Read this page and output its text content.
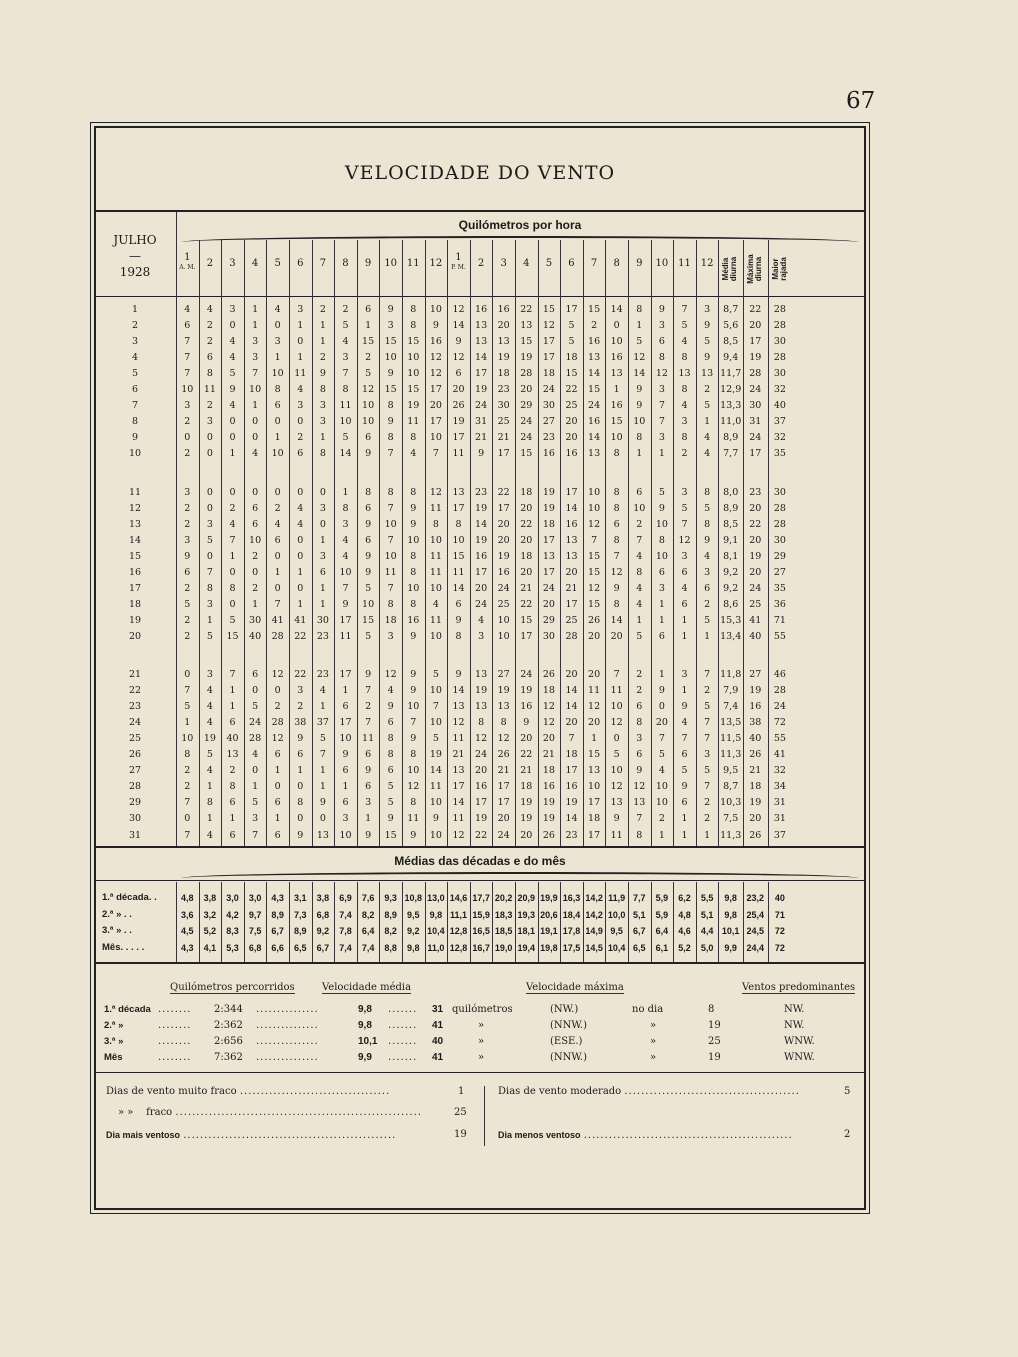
67
VELOCIDADE DO VENTO
JULHO
—
1928
Quilómetros por hora
1
A. M.	2	3	4	5	6	7	8	9	10 11 12
1
P. M.	2	3	4	5	6	7	8	9	10 11 12 Média diurna Máxima diurna Maior rajada
1	4	4	3	1	4	3	2	2	6	9	8	10	12	16	16	22	15	17	15	14	8	9	7	3	8,7	22	28
2	6	2	0	1	0	1	1	5	1	3	8	9	14	13	20	13	12	5	2	0	1	3	5	9	5,6	20	28
3	7	2	4	3	3	0	1	4	15	15	15	16	9	13	13	15	17	5	16	10	5	6	4	5	8,5	17	30
4	7	6	4	3	1	1	2	3	2	10	10	12	12	14	19	19	17	18	13	16	12	8	8	9	9,4	19	28
5	7	8	5	7	10	11	9	7	5	9	10	12	6	17	18	28	18	15	14	13	14	12	13	13 11,7 28	30
6	10	11	9	10	8	4	8	8	12	15	15	17	20	19	23	20	24	22	15	1	9	3	8	2	12,9 24	32
7	3	2	4	1	6	3	3	11	10	8	19	20	26	24	30	29	30	25	24	16	9	7	4	5	13,3 30	40
8	2	3	0	0	0	0	3	10	10	9	11	17	19	31	25	24	27	20	16	15	10	7	3	1	11,0 31	37
9	0	0	0	0	1	2	1	5	6	8	8	10	17	21	21	24	23	20	14	10	8	3	8	4	8,9	24	32
10	2	0	1	4	10	6	8	14	9	7	4	7	11	9	17	15	16	16	13	8	1	1	2	4	7,7	17	35
11	3	0	0	0	0	0	0	1	8	8	8	12	13	23	22	18	19	17	10	8	6	5	3	8	8,0	23	30
12	2	0	2	6	2	4	3	8	6	7	9	11	17	19	17	20	19	14	10	8	10	9	5	5	8,9	20	28
13	2	3	4	6	4	4	0	3	9	10	9	8	8	14	20	22	18	16	12	6	2	10	7	8	8,5	22	28
14	3	5	7	10	6	0	1	4	6	7	10	10	10	19	20	20	17	13	7	8	7	8	12	9	9,1	20	30
15	9	0	1	2	0	0	3	4	9	10	8	11	15	16	19	18	13	13	15	7	4	10	3	4	8,1	19	29
16	6	7	0	0	1	1	6	10	9	11	8	11	11	17	16	20	17	20	15	12	8	6	6	3	9,2	20	27
17	2	8	8	2	0	0	1	7	5	7	10	10	14	20	24	21	24	21	12	9	4	3	4	6	9,2	24	35
18	5	3	0	1	7	1	1	9	10	8	8	4	6	24	25	22	20	17	15	8	4	1	6	2	8,6	25	36
19	2	1	5	30	41	41	30	17	15	18	16	11	9	4	10	15	29	25	26	14	1	1	1	5	15,3 41	71
20	2	5	15	40	28	22	23	11	5	3	9	10	8	3	10	17	30	28	20	20	5	6	1	1	13,4 40	55
21	0	3	7	6	12	22	23	17	9	12	9	5	9	13	27	24	26	20	20	7	2	1	3	7	11,8 27	46
22	7	4	1	0	0	3	4	1	7	4	9	10	14	19	19	19	18	14	11	11	2	9	1	2	7,9	19	28
23	5	4	1	5	2	2	1	6	2	9	10	7	13	13	13	16	12	14	12	10	6	0	9	5	7,4	16	24
24	1	4	6	24	28	38	37	17	7	6	7	10	12	8	8	9	12	20	20	12	8	20	4	7	13,5 38	72
25	10	19	40	28	12	9	5	10	11	8	9	5	11	12	12	20	20	7	1	0	3	7	7	7	11,5 40	55
26	8	5	13	4	6	6	7	9	6	8	8	19	21	24	26	22	21	18	15	5	6	5	6	3	11,3 26	41
27	2	4	2	0	1	1	1	6	9	6	10	14	13	20	21	21	18	17	13	10	9	4	5	5	9,5	21	32
28	2	1	8	1	0	0	1	1	6	5	12	11	17	16	17	18	16	16	10	12	12	10	9	7	8,7	18	34
29	7	8	6	5	6	8	9	6	3	5	8	10	14	17	17	19	19	19	17	13	13	10	6	2	10,3 19	31
30	0	1	1	3	1	0	0	3	1	9	11	9	11	19	20	19	19	14	18	9	7	2	1	2	7,5	20	31
31	7	4	6	7	6	9	13	10	9	15	9	10	12	22	24	20	26	23	17	11	8	1	1	1	11,3 26	37
Médias das décadas e do mês
1.ª década. .	4,8	3,8	3,0	3,0	4,3	3,1	3,8	6,9	7,6	9,3 10,8 13,0 14,6 17,7 20,2 20,9 19,9 16,3 14,2 11,9 7,7	5,9	6,2	5,5	9,8	23,2	40
2.ª » . .	3,6	3,2	4,2	9,7	8,9	7,3	6,8	7,4	8,2	8,9	9,5	9,8 11,1 15,9 18,3 19,3 20,6 18,4 14,2 10,0 5,1	5,9	4,8	5,1	9,8	25,4	71
3.ª » . .	4,5	5,2	8,3	7,5	6,7	8,9	9,2	7,8	6,4	8,2	9,2 10,4 12,8 16,5 18,5 18,1 19,1 17,8 14,9 9,5	6,7	6,4	4,6	4,4 10,1 24,5	72
Mês. . . . .	4,3	4,1	5,3	6,8	6,6	6,5	6,7	7,4	7,4	8,8	9,8 11,0 12,8 16,7 19,0 19,4 19,8 17,5 14,5 10,4 6,5	6,1	5,2	5,0	9,9	24,4	72
Quilómetros percorridos	Velocidade média	Velocidade máxima	Ventos predominantes
1.ª década ........ 2:344 ...............	9,8 ....... 31 quilómetros	(NW.)	no dia	8	NW.
2.ª »	........ 2:362 ...............	9,8 ....... 41	»	(NNW.)	»	19	NW.
3.ª »	........ 2:656 ...............	10,1 ....... 40	»	(ESE.)	»	25	WNW.
Mês	........ 7:362 ...............	9,9 ....... 41	»	(NNW.)	»	19	WNW.
Dias de vento muito fraco ....................................	1
» » fraco ...........................................................	25
Dia mais ventoso ...................................................	19
Dias de vento moderado ..........................................	5
Dia menos ventoso ..................................................	2
